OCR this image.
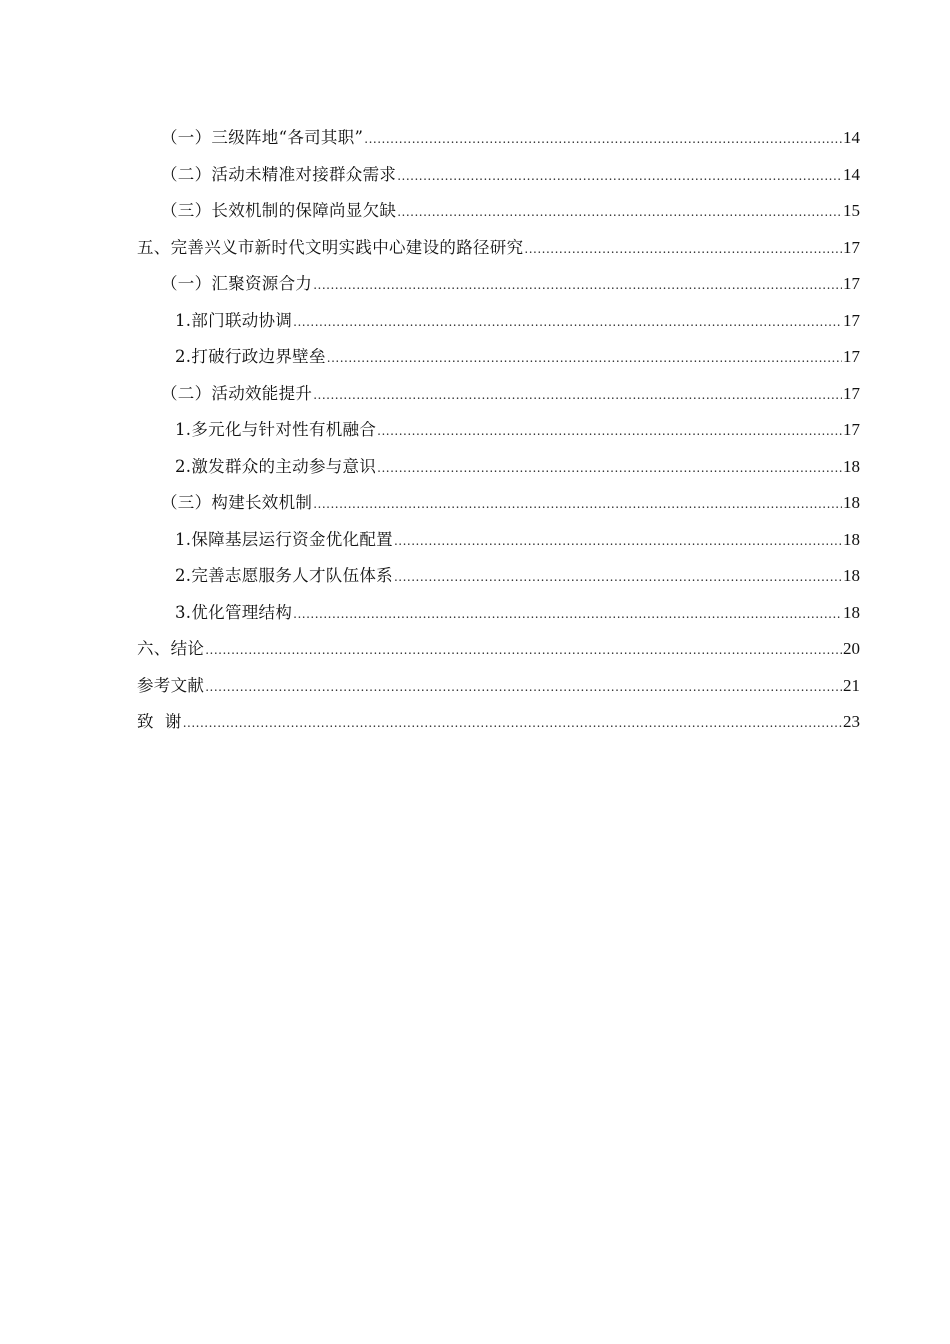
（一）三级阵地“各司其职” .....	14
（二）活动未精准对接群众需求 .....	14
（三）长效机制的保障尚显欠缺 .....	15
五、完善兴义市新时代文明实践中心建设的路径研究 .....	17
（一）汇聚资源合力 .....	17
1.部门联动协调 .....	17
2.打破行政边界壁垒 .....	17
（二）活动效能提升 .....	17
1.多元化与针对性有机融合 .....	17
2.激发群众的主动参与意识 .....	18
（三）构建长效机制 .....	18
1.保障基层运行资金优化配置 .....	18
2.完善志愿服务人才队伍体系 .....	18
3.优化管理结构 .....	18
六、结论 .....	20
参考文献 .....	21
致  谢 .....	23
